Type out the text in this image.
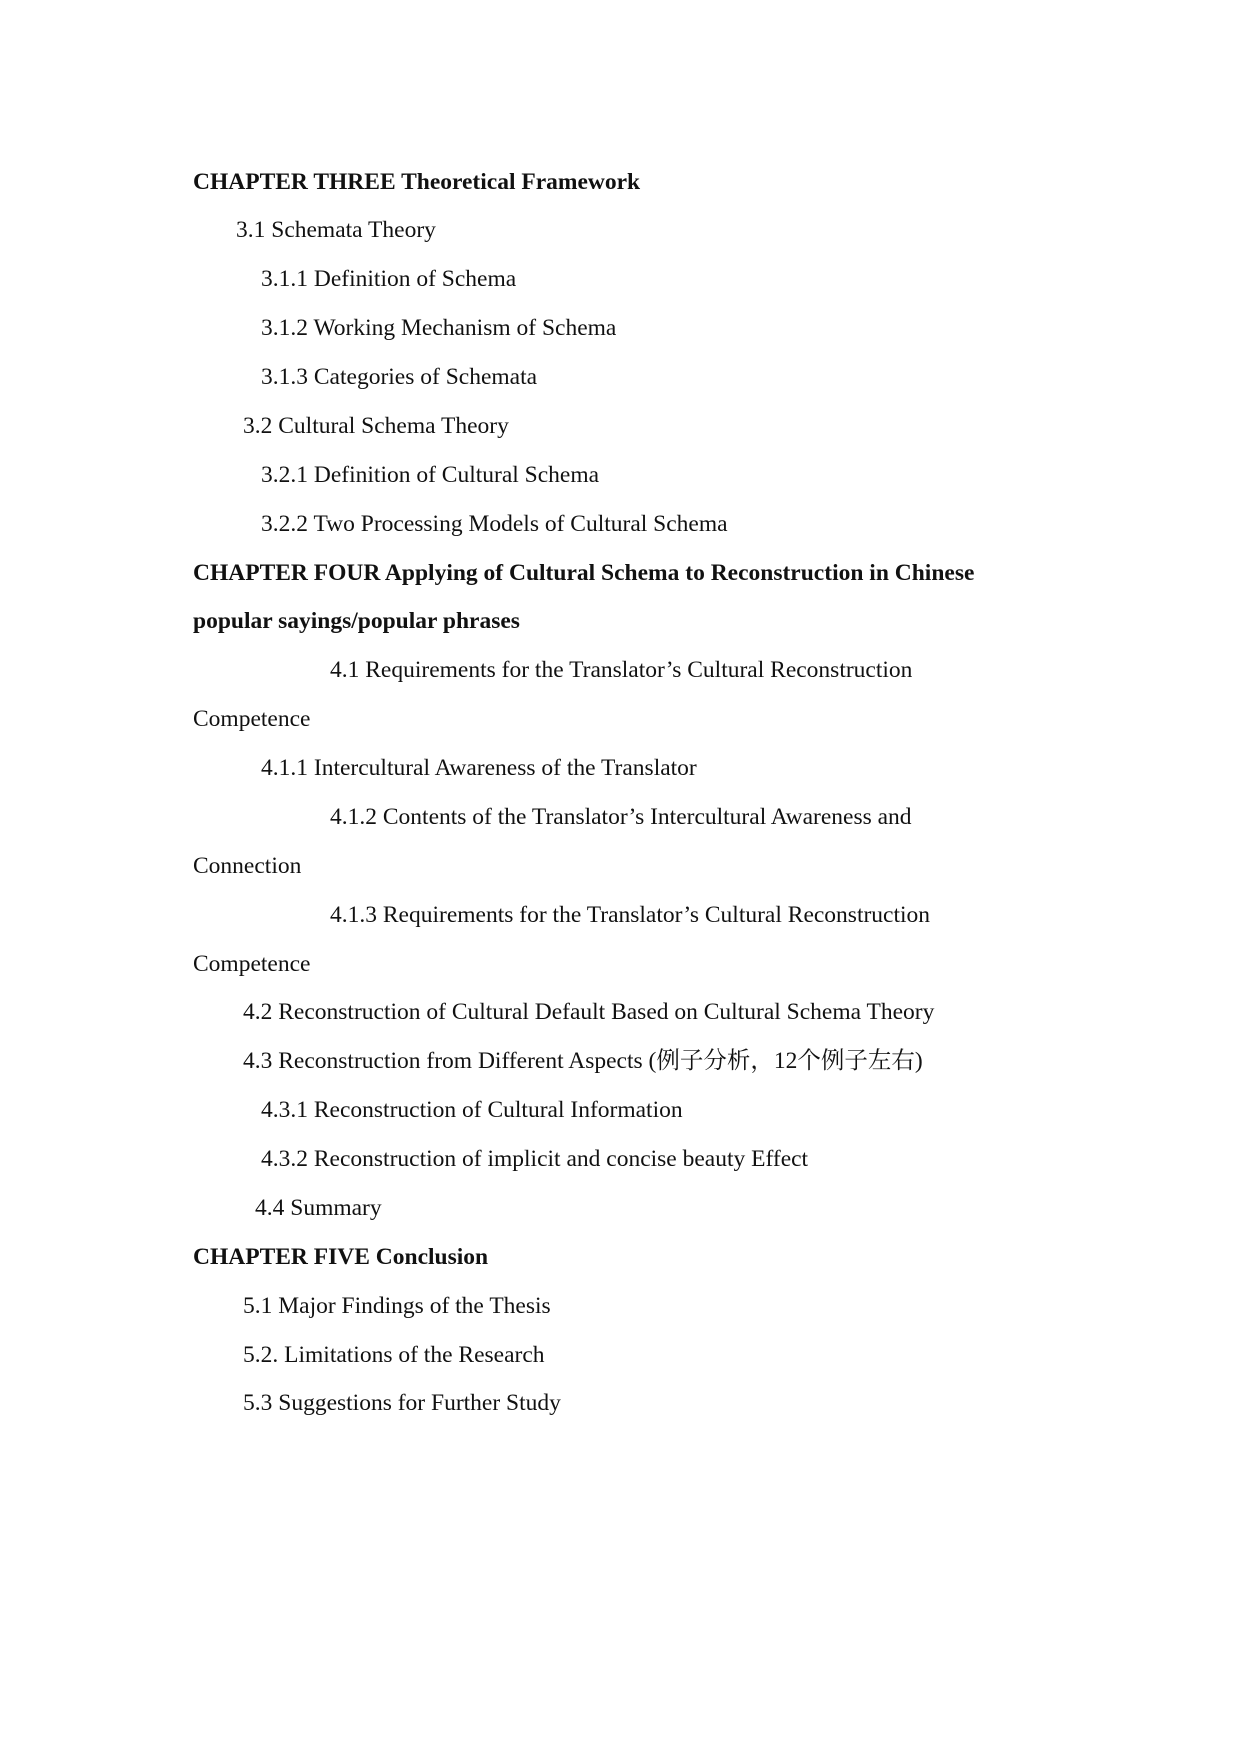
CHAPTER THREE Theoretical Framework
3.1 Schemata Theory
3.1.1 Definition of Schema
3.1.2 Working Mechanism of Schema
3.1.3 Categories of Schemata
3.2 Cultural Schema Theory
3.2.1 Definition of Cultural Schema
3.2.2 Two Processing Models of Cultural Schema
CHAPTER FOUR Applying of Cultural Schema to Reconstruction in Chinese
popular sayings/popular phrases
4.1 Requirements for the Translator’s Cultural Reconstruction
Competence
4.1.1 Intercultural Awareness of the Translator
4.1.2 Contents of the Translator’s Intercultural Awareness and
Connection
4.1.3 Requirements for the Translator’s Cultural Reconstruction
Competence
4.2 Reconstruction of Cultural Default Based on Cultural Schema Theory
4.3 Reconstruction from Different Aspects (例子分析，12个例子左右)
4.3.1 Reconstruction of Cultural Information
4.3.2 Reconstruction of implicit and concise beauty Effect
4.4 Summary
CHAPTER FIVE Conclusion
5.1 Major Findings of the Thesis
5.2. Limitations of the Research
5.3 Suggestions for Further Study
